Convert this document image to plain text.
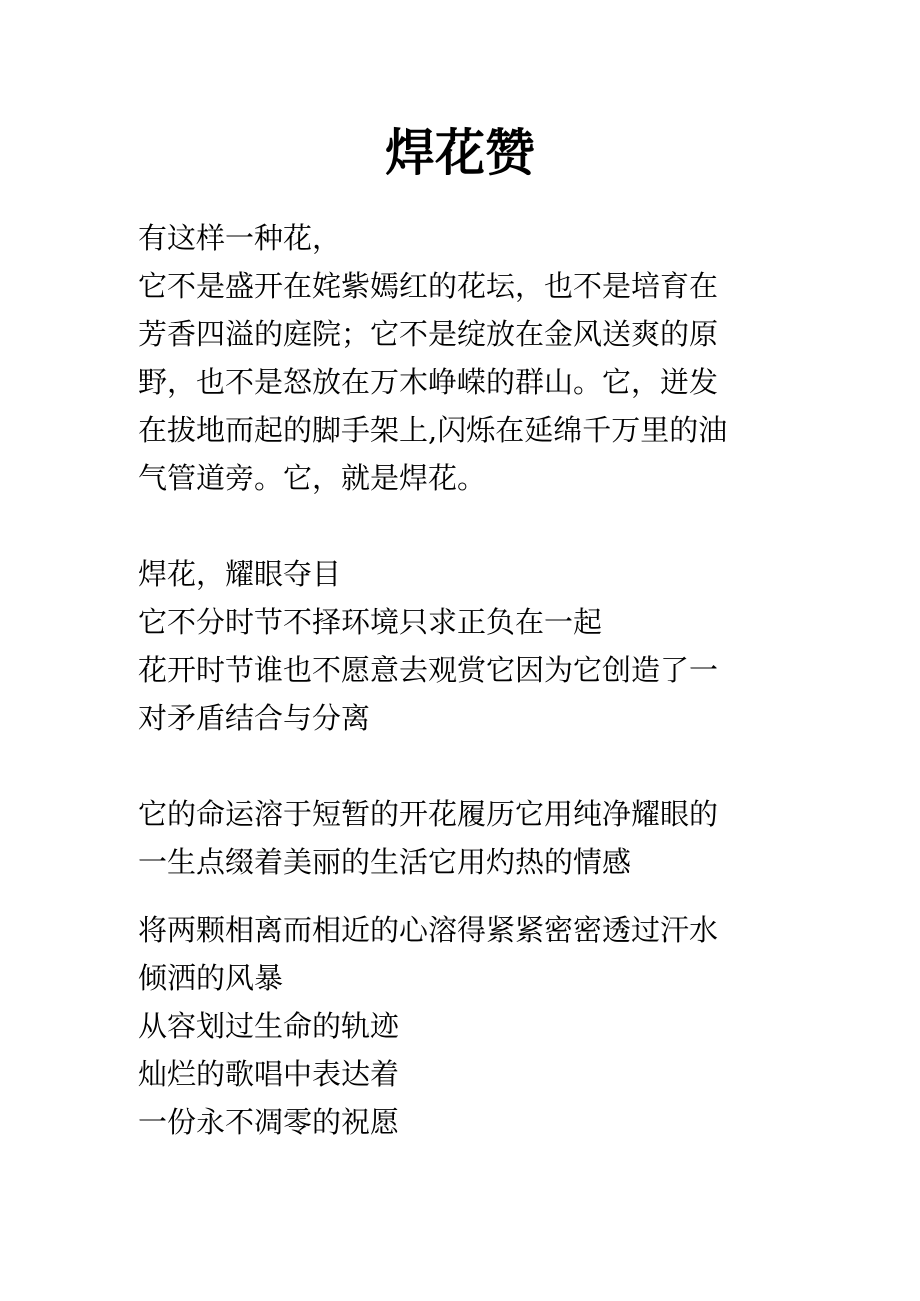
焊花赞
有这样一种花，
它不是盛开在姹紫嫣红的花坛，也不是培育在
芳香四溢的庭院；它不是绽放在金风送爽的原
野，也不是怒放在万木峥嵘的群山。它，迸发
在拔地而起的脚手架上,闪烁在延绵千万里的油
气管道旁。它，就是焊花。
焊花，耀眼夺目
它不分时节不择环境只求正负在一起
花开时节谁也不愿意去观赏它因为它创造了一
对矛盾结合与分离
它的命运溶于短暂的开花履历它用纯净耀眼的
一生点缀着美丽的生活它用灼热的情感
将两颗相离而相近的心溶得紧紧密密透过汗水
倾洒的风暴
从容划过生命的轨迹
灿烂的歌唱中表达着
一份永不凋零的祝愿
